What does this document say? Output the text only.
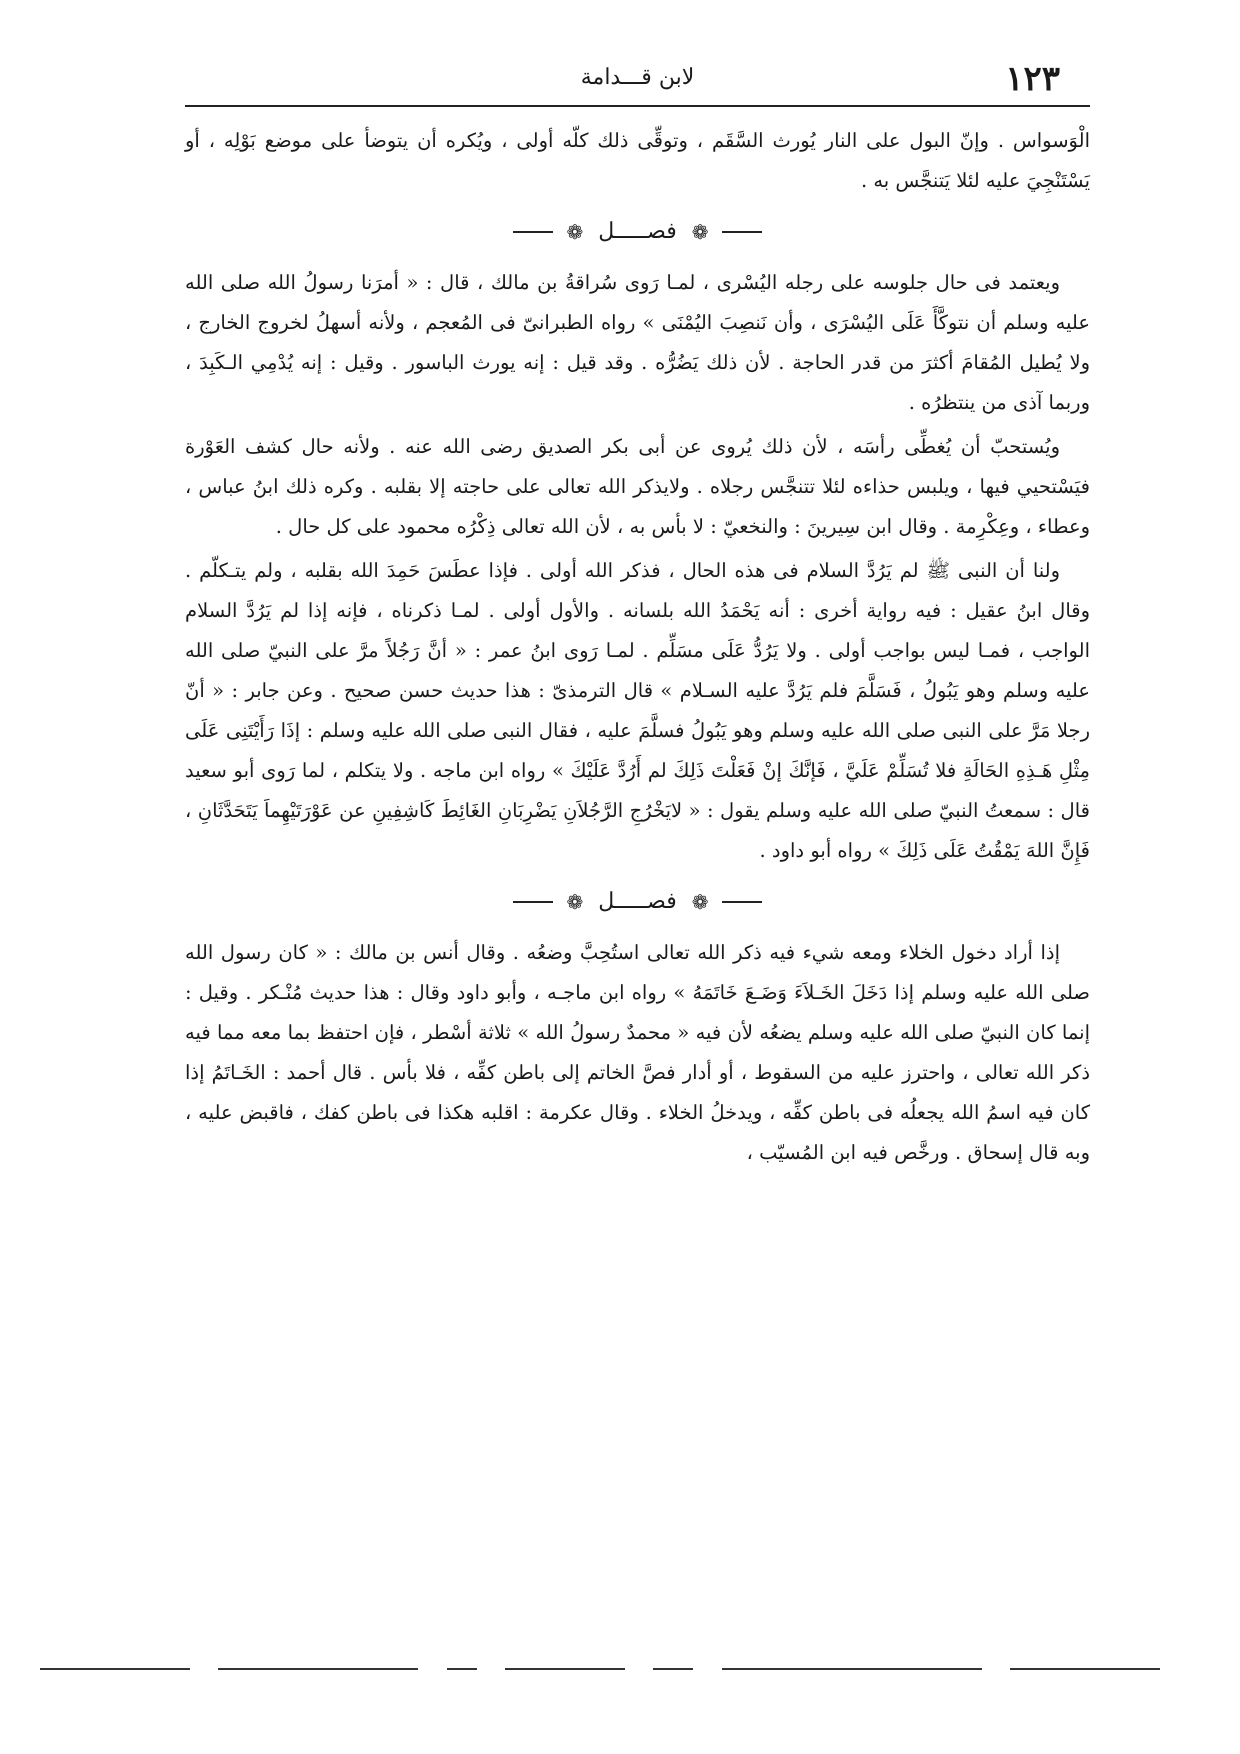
١٢٣
لابن قـــدامة

الْوَسواس . وإنّ البول على النار يُورث السَّقَم ، وتوقِّى ذلك كلّه أولى ، ويُكره أن يتوضأ على موضع بَوْلِه ، أو يَسْتَنْجِيَ عليه لئلا يَتنجَّس به .

❁ فصـــــل ❁

ويعتمد فى حال جلوسه على رجله اليُسْرى ، لمـا رَوى سُراقةُ بن مالك ، قال : « أمرَنا رسولُ الله صلى الله عليه وسلم أن نتوكَّأَ عَلَى اليُسْرَى ، وأن نَنصِبَ اليُمْنَى » رواه الطبرانىّ فى المُعجم ، ولأنه أسهلُ لخروج الخارج ، ولا يُطيل المُقامَ أكثرَ من قدر الحاجة . لأن ذلك يَضُرُّه . وقد قيل : إنه يورث الباسور . وقيل : إنه يُدْمِي الـكَبِدَ ، وربما آذى من ينتظرُه .

ويُستحبّ أن يُغطِّى رأسَه ، لأن ذلك يُروى عن أبى بكر الصديق رضى الله عنه . ولأنه حال كشف العَوْرة فيَسْتحيي فيها ، ويلبس حذاءه لئلا تتنجَّس رجلاه . ولايذكر الله تعالى على حاجته إلا بقلبه . وكره ذلك ابنُ عباس ، وعطاء ، وعِكْرِمة . وقال ابن سِيرينَ : والنخعيّ : لا بأس به ، لأن الله تعالى ذِكْرُه محمود على كل حال .

ولنا أن النبى ﷺ لم يَرُدَّ السلام فى هذه الحال ، فذكر الله أولى . فإذا عطَسَ حَمِدَ الله بقلبه ، ولم يتـكلّم . وقال ابنُ عقيل : فيه رواية أخرى : أنه يَحْمَدُ الله بلسانه . والأول أولى . لمـا ذكرناه ، فإنه إذا لم يَرُدَّ السلام الواجب ، فمـا ليس بواجب أولى . ولا يَرُدُّ عَلَى مسَلِّم . لمـا رَوى ابنُ عمر : « أنَّ رَجُلاً مرَّ على النبيّ صلى الله عليه وسلم وهو يَبُولُ ، فَسَلَّمَ فلم يَرُدَّ عليه السـلام » قال الترمذىّ : هذا حديث حسن صحيح . وعن جابر : « أنّ رجلا مَرَّ على النبى صلى الله عليه وسلم وهو يَبُولُ فسلَّمَ عليه ، فقال النبى صلى الله عليه وسلم : إذَا رَأَيْتَنِى عَلَى مِثْلِ هَـذِهِ الحَالَةِ فلا تُسَلِّمْ عَلَيَّ ، فَإنَّكَ إنْ فَعَلْتَ ذَلِكَ لم أَرُدَّ عَلَيْكَ » رواه ابن ماجه . ولا يتكلم ، لما رَوى أبو سعيد قال : سمعتُ النبيّ صلى الله عليه وسلم يقول : « لايَخْرُجِ الرَّجُلاَنِ يَضْرِبَانِ الغَائِطَ كَاشِفِينِ عن عَوْرَتَيْهِماَ يَتَحَدَّثَانِ ، فَإِنَّ اللهَ يَمْقُتُ عَلَى ذَلِكَ » رواه أبو داود .

❁ فصـــــل ❁

إذا أراد دخول الخلاء ومعه شيء فيه ذكر الله تعالى استُحِبَّ وضعُه . وقال أنس بن مالك : « كان رسول الله صلى الله عليه وسلم إذا دَخَلَ الخَـلاَءَ وَضَـعَ خَاتَمَهُ » رواه ابن ماجـه ، وأبو داود وقال : هذا حديث مُنْـكر . وقيل : إنما كان النبيّ صلى الله عليه وسلم يضعُه لأن فيه « محمدٌ رسولُ الله » ثلاثة أسْطر ، فإن احتفظ بما معه مما فيه ذكر الله تعالى ، واحترز عليه من السقوط ، أو أدار فصَّ الخاتم إلى باطن كفِّه ، فلا بأس . قال أحمد : الخَـاتَمُ إذا كان فيه اسمُ الله يجعلُه فى باطن كفِّه ، ويدخلُ الخلاء . وقال عكرمة : اقلبه هكذا فى باطن كفك ، فاقبض عليه ، وبه قال إسحاق . ورخَّص فيه ابن المُسيّب ،
